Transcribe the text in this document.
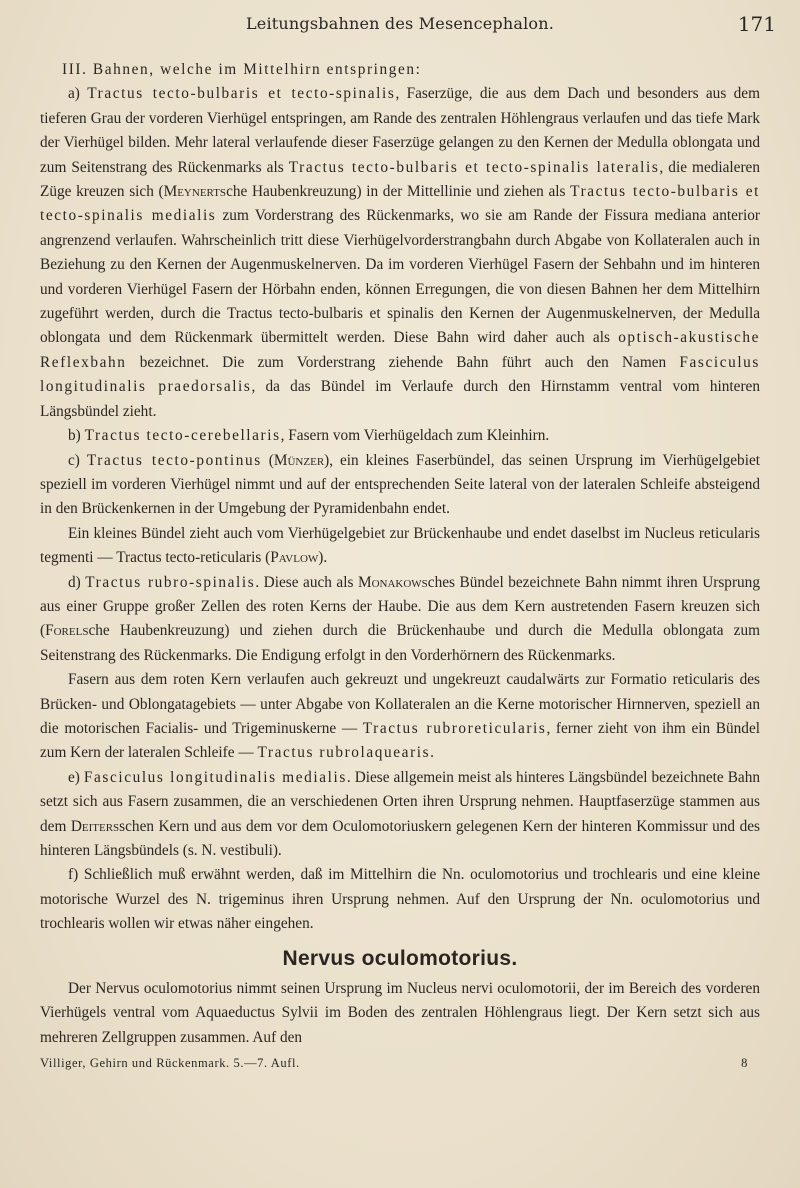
Leitungsbahnen des Mesencephalon.	171

III. Bahnen, welche im Mittelhirn entspringen:

a) Tractus tecto-bulbaris et tecto-spinalis, Faserzüge, die aus dem Dach und besonders aus dem tieferen Grau der vorderen Vierhügel entspringen, am Rande des zentralen Höhlengraus verlaufen und das tiefe Mark der Vierhügel bilden. Mehr lateral verlaufende dieser Faserzüge gelangen zu den Kernen der Medulla oblongata und zum Seitenstrang des Rückenmarks als Tractus tecto-bulbaris et tecto-spinalis lateralis, die medialeren Züge kreuzen sich (Meynertsche Haubenkreuzung) in der Mittellinie und ziehen als Tractus tecto-bulbaris et tecto-spinalis medialis zum Vorderstrang des Rückenmarks, wo sie am Rande der Fissura mediana anterior angrenzend verlaufen. Wahrscheinlich tritt diese Vierhügelvorderstrangbahn durch Abgabe von Kollateralen auch in Beziehung zu den Kernen der Augenmuskelnerven. Da im vorderen Vierhügel Fasern der Sehbahn und im hinteren und vorderen Vierhügel Fasern der Hörbahn enden, können Erregungen, die von diesen Bahnen her dem Mittelhirn zugeführt werden, durch die Tractus tecto-bulbaris et spinalis den Kernen der Augenmuskelnerven, der Medulla oblongata und dem Rückenmark übermittelt werden. Diese Bahn wird daher auch als optisch-akustische Reflexbahn bezeichnet. Die zum Vorderstrang ziehende Bahn führt auch den Namen Fasciculus longitudinalis praedorsalis, da das Bündel im Verlaufe durch den Hirnstamm ventral vom hinteren Längsbündel zieht.

b) Tractus tecto-cerebellaris, Fasern vom Vierhügeldach zum Kleinhirn.

c) Tractus tecto-pontinus (Münzer), ein kleines Faserbündel, das seinen Ursprung im Vierhügelgebiet speziell im vorderen Vierhügel nimmt und auf der entsprechenden Seite lateral von der lateralen Schleife absteigend in den Brückenkernen in der Umgebung der Pyramidenbahn endet.

Ein kleines Bündel zieht auch vom Vierhügelgebiet zur Brückenhaube und endet daselbst im Nucleus reticularis tegmenti — Tractus tecto-reticularis (Pavlow).

d) Tractus rubro-spinalis. Diese auch als Monakowsches Bündel bezeichnete Bahn nimmt ihren Ursprung aus einer Gruppe großer Zellen des roten Kerns der Haube. Die aus dem Kern austretenden Fasern kreuzen sich (Forelsche Haubenkreuzung) und ziehen durch die Brückenhaube und durch die Medulla oblongata zum Seitenstrang des Rückenmarks. Die Endigung erfolgt in den Vorderhörnern des Rückenmarks.

Fasern aus dem roten Kern verlaufen auch gekreuzt und ungekreuzt caudalwärts zur Formatio reticularis des Brücken- und Oblongatagebiets — unter Abgabe von Kollateralen an die Kerne motorischer Hirnnerven, speziell an die motorischen Facialis- und Trigeminuskerne — Tractus rubroreticularis, ferner zieht von ihm ein Bündel zum Kern der lateralen Schleife — Tractus rubrolaquearis.

e) Fasciculus longitudinalis medialis. Diese allgemein meist als hinteres Längsbündel bezeichnete Bahn setzt sich aus Fasern zusammen, die an verschiedenen Orten ihren Ursprung nehmen. Hauptfaserzüge stammen aus dem Deitersschen Kern und aus dem vor dem Oculomotoriuskern gelegenen Kern der hinteren Kommissur und des hinteren Längsbündels (s. N. vestibuli).

f) Schließlich muß erwähnt werden, daß im Mittelhirn die Nn. oculomotorius und trochlearis und eine kleine motorische Wurzel des N. trigeminus ihren Ursprung nehmen. Auf den Ursprung der Nn. oculomotorius und trochlearis wollen wir etwas näher eingehen.

Nervus oculomotorius.

Der Nervus oculomotorius nimmt seinen Ursprung im Nucleus nervi oculomotorii, der im Bereich des vorderen Vierhügels ventral vom Aquaeductus Sylvii im Boden des zentralen Höhlengraus liegt. Der Kern setzt sich aus mehreren Zellgruppen zusammen. Auf den

Villiger, Gehirn und Rückenmark. 5.—7. Aufl.	8
